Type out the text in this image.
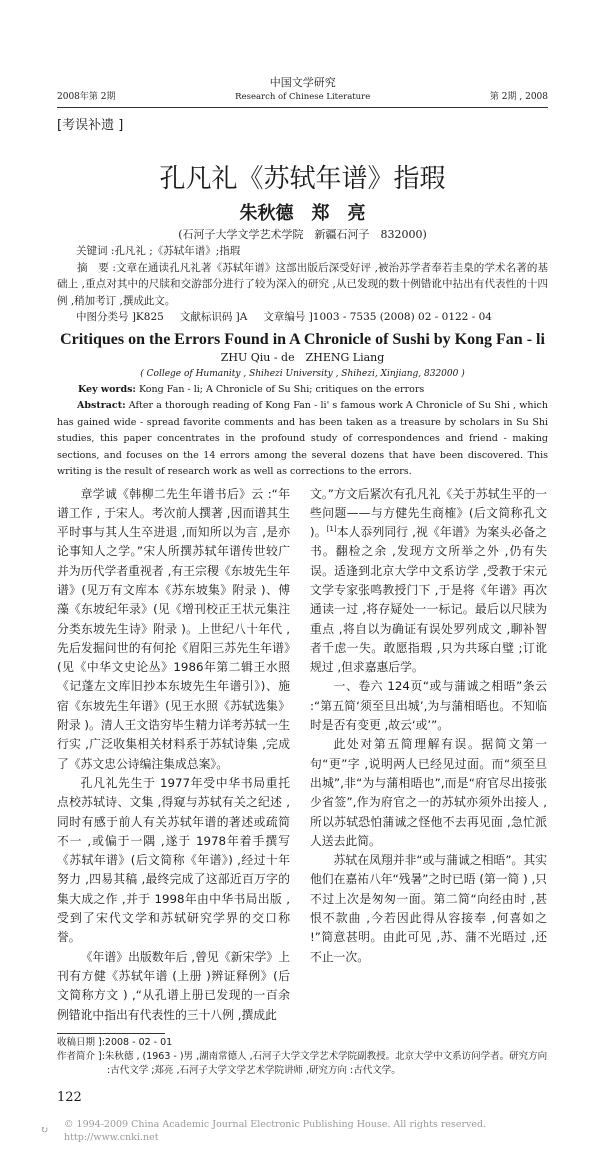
2008年第 2期
中国文学研究
Research of Chinese Literature	第 2期 , 2008
[考误补遗 ]
孔凡礼《苏轼年谱》指瑕
朱秋德　郑　亮
(石河子大学文学艺术学院　新疆石河子　832000)
关键词 :孔凡礼 ;《苏轼年谱》;指瑕
摘　要 :文章在通读孔凡礼著《苏轼年谱》这部出版后深受好评 ,被治苏学者奉若圭臬的学术名著的基础上 ,重点对其中的尺牍和交游部分进行了较为深入的研究 ,从已发现的数十例错讹中拈出有代表性的十四例 ,稍加考订 ,撰成此文。
中图分类号 ]K825 文献标识码 ]A 文章编号 ]1003 - 7535 (2008) 02 - 0122 - 04
Critiques on the Errors Found in A Chronicle of Sushi by Kong Fan - li
ZHU Qiu - de　ZHENG Liang
( College of Humanity , Shihezi University , Shihezi, Xinjiang, 832000 )
Key words: Kong Fan - li; A Chronicle of Su Shi; critiques on the errors
Abstract: After a thorough reading of Kong Fan - li' s famous work A Chronicle of Su Shi , which has gained wide - spread favorite comments and has been taken as a treasure by scholars in Su Shi studies, this paper concentrates in the profound study of correspondences and friend - making sections, and focuses on the 14 errors among the several dozens that have been discovered. This writing is the result of research work as well as corrections to the errors.

章学诚《韩柳二先生年谱书后》云 :“年谱工作 , 于宋人。考次前人撰著 ,因而谱其生平时事与其人生卒进退 ,而知所以为言 ,是亦论事知人之学。”宋人所撰苏轼年谱传世较广并为历代学者重视者 ,有王宗稷《东坡先生年谱》(见万有文库本《苏东坡集》附录 )、傅藻《东坡纪年录》(见《增刊校正王状元集注分类东坡先生诗》附录 )。上世纪八十年代 ,先后发掘问世的有何抡《眉阳三苏先生年谱》(见《中华文史论丛》1986年第二辑王水照《记蓬左文库旧抄本东坡先生年谱引》)、施宿《东坡先生年谱》(见王水照《苏轼选集》附录 )。清人王文诰穷毕生精力详考苏轼一生行实 ,广泛收集相关材料系于苏轼诗集 ,完成了《苏文忠公诗编注集成总案》。

孔凡礼先生于 1977年受中华书局重托点校苏轼诗、文集 ,得窥与苏轼有关之纪述 ,同时有感于前人有关苏轼年谱的著述或疏简不一 ,或偏于一隅 ,遂于 1978年着手撰写《苏轼年谱》(后文简称《年谱》) ,经过十年努力 ,四易其稿 ,最终完成了这部近百万字的集大成之作 ,并于 1998年由中华书局出版 ,受到了宋代文学和苏轼研究学界的交口称誉。

《年谱》出版数年后 ,曾见《新宋学》上刊有方健《苏轼年谱 (上册 )辨证释例》(后文简称方文 ) ,“从孔谱上册已发现的一百余例错讹中指出有代表性的三十八例 ,撰成此

文。”方文后紧次有孔凡礼《关于苏轼生平的一些问题——与方健先生商榷》(后文简称孔文 )。[1]本人忝列同行 ,视《年谱》为案头必备之书。翻检之余 ,发现方文所举之外 ,仍有失误。适逢到北京大学中文系访学 ,受教于宋元文学专家张鸣教授门下 ,于是将《年谱》再次通读一过 ,将存疑处一一标记。最后以尺牍为重点 ,将自以为确证有误处罗列成文 ,聊补智者千虑一失。敢愿指瑕 ,只为共琢白璧 ;订讹规过 ,但求嘉惠后学。

一、卷六 124页“或与蒲诚之相晤”条云 :“第五简‘须至旦出城’,为与蒲相晤也。不知临时是否有变更 ,故云‘或’”。

此处对第五简理解有误。据简文第一句“更”字 ,说明两人已经见过面。而“须至旦出城”,非“为与蒲相晤也”,而是“府官尽出接张少省签”,作为府官之一的苏轼亦须外出接人 ,所以苏轼恐怕蒲诚之怪他不去再见面 ,急忙派人送去此简。

苏轼在凤翔并非“或与蒲诚之相晤”。其实他们在嘉祐八年“残暑”之时已晤 (第一简 ) ,只不过上次是匆匆一面。第二简“向经由时 ,甚恨不款曲 ,今若因此得从容接奉 ,何喜如之 !”简意甚明。由此可见 ,苏、蒲不光晤过 ,还不止一次。

收稿日期 ]:2008 - 02 - 01
作者简介 ]:朱秋德 , (1963 - )男 ,湖南常德人 ,石河子大学文学艺术学院副教授。北京大学中文系访问学者。研究方向 :古代文学 ;郑亮 ,石河子大学文学艺术学院讲师 ,研究方向 :古代文学。
122
↻
© 1994-2009 China Academic Journal Electronic Publishing House. All rights reserved.　http://www.cnki.net
